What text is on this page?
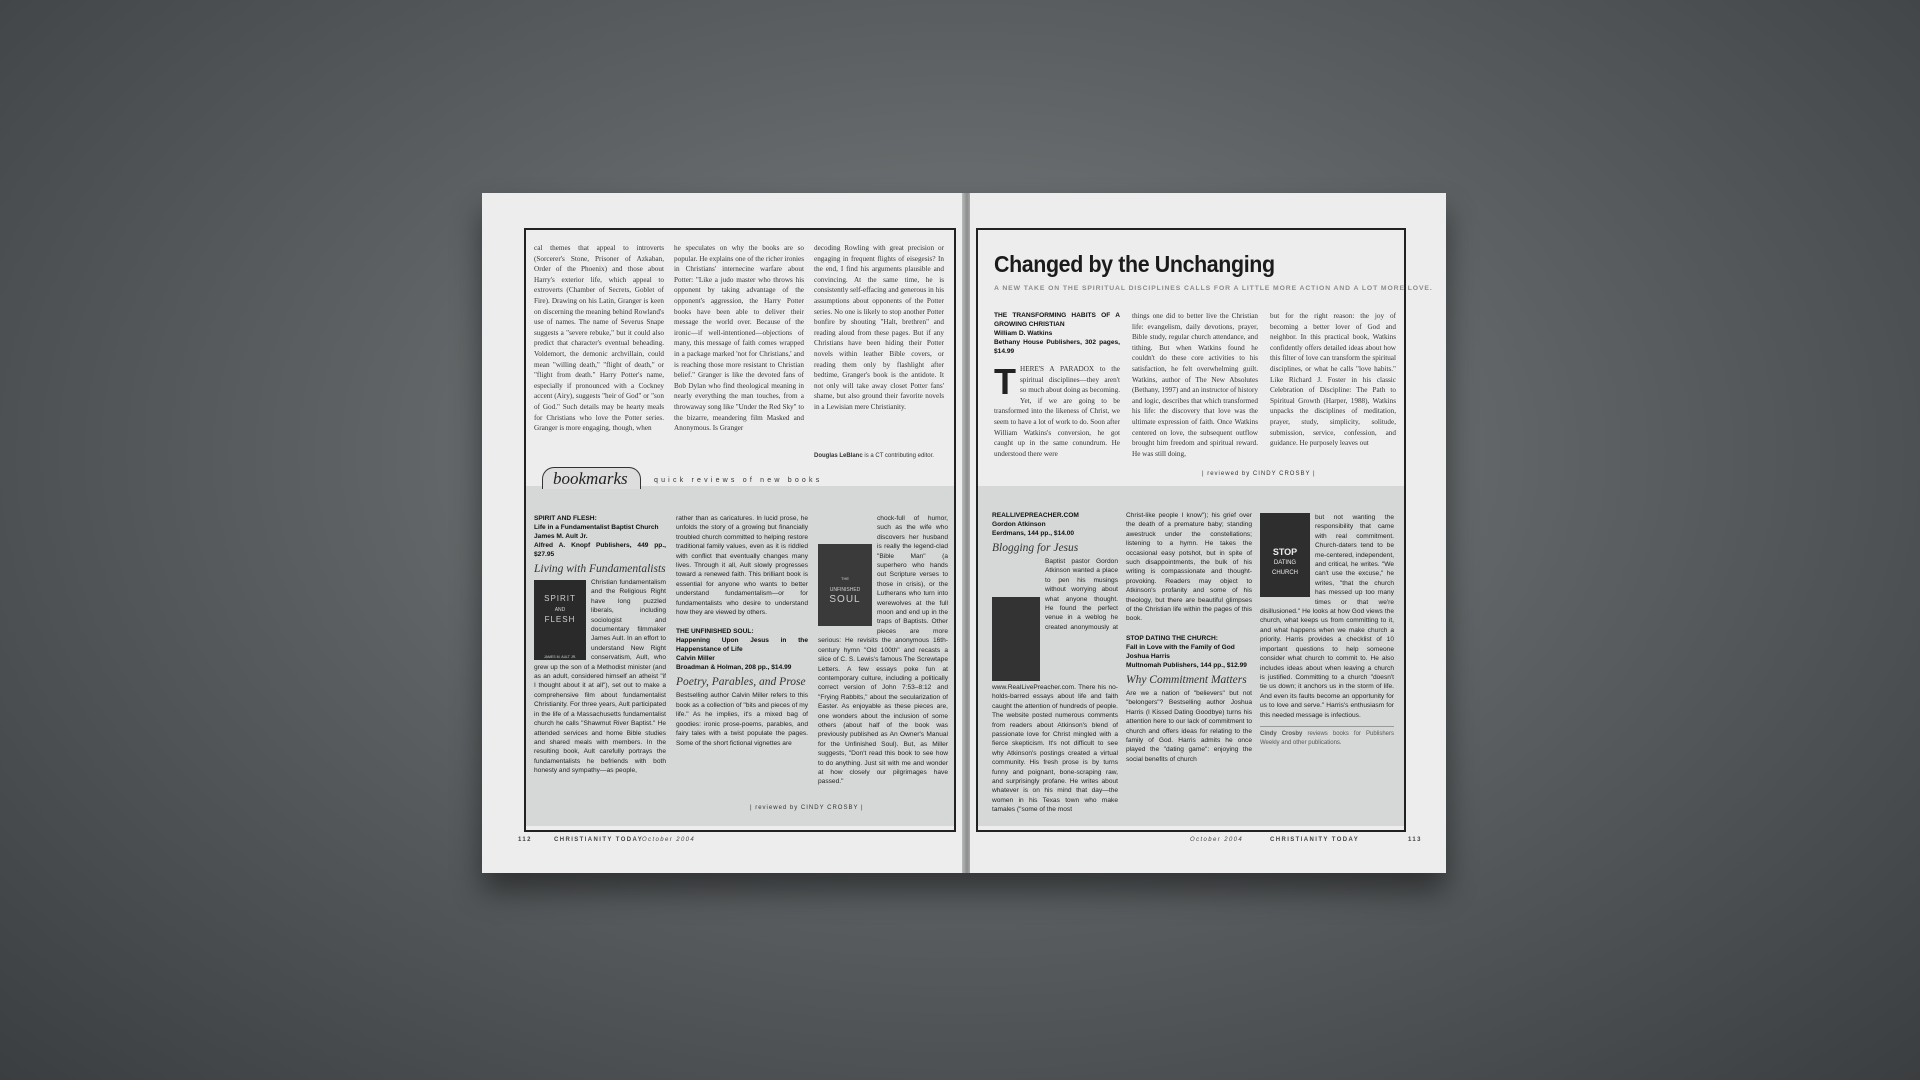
cal themes that appeal to introverts (Sorcerer's Stone, Prisoner of Azkaban, Order of the Phoenix) and those about Harry's exterior life, which appeal to extroverts (Chamber of Secrets, Goblet of Fire). Drawing on his Latin, Granger is keen on discerning the meaning behind Rowland's use of names. The name of Severus Snape suggests a "severe rebuke," but it could also predict that character's eventual beheading. Voldemort, the demonic archvillain, could mean "willing death," "flight of death," or "flight from death." Harry Potter's name, especially if pronounced with a Cockney accent (Airy), suggests "heir of God" or "son of God." Such details may be hearty meals for Christians who love the Potter series. Granger is more engaging, though, when
he speculates on why the books are so popular. He explains one of the richer ironies in Christians' internecine warfare about Potter: "Like a judo master who throws his opponent by taking advantage of the opponent's aggression, the Harry Potter books have been able to deliver their message the world over. Because of the ironic—if well-intentioned—objections of many, this message of faith comes wrapped in a package marked 'not for Christians,' and is reaching those more resistant to Christian belief." Granger is like the devoted fans of Bob Dylan who find theological meaning in nearly everything the man touches, from a throwaway song like "Under the Red Sky" to the bizarre, meandering film Masked and Anonymous. Is Granger
decoding Rowling with great precision or engaging in frequent flights of eisegesis? In the end, I find his arguments plausible and convincing. At the same time, he is consistently self-effacing and generous in his assumptions about opponents of the Potter series. No one is likely to stop another Potter bonfire by shouting "Halt, brethren" and reading aloud from these pages. But if any Christians have been hiding their Potter novels within leather Bible covers, or reading them only by flashlight after bedtime, Granger's book is the antidote. It not only will take away closet Potter fans' shame, but also ground their favorite novels in a Lewisian mere Christianity.
Douglas LeBlanc is a CT contributing editor.
bookmarks	quick reviews of new books
SPIRIT AND FLESH:
Life in a Fundamentalist Baptist Church
James M. Ault Jr.
Alfred A. Knopf Publishers, 449 pp., $27.95
Living with Fundamentalists
SPIRIT
AND
FLESH
JAMES M. AULT JR.
Christian fundamentalism and the Religious Right have long puzzled liberals, including sociologist and documentary filmmaker James Ault. In an effort to understand New Right conservatism, Ault, who grew up the son of a Methodist minister (and as an adult, considered himself an atheist "if I thought about it at all"), set out to make a comprehensive film about fundamentalist Christianity. For three years, Ault participated in the life of a Massachusetts fundamentalist church he calls "Shawmut River Baptist." He attended services and home Bible studies and shared meals with members. In the resulting book, Ault carefully portrays the fundamentalists he befriends with both honesty and sympathy—as people,
rather than as caricatures. In lucid prose, he unfolds the story of a growing but financially troubled church committed to helping restore traditional family values, even as it is riddled with conflict that eventually changes many lives. Through it all, Ault slowly progresses toward a renewed faith. This brilliant book is essential for anyone who wants to better understand fundamentalism—or for fundamentalists who desire to understand how they are viewed by others.
THE UNFINISHED SOUL:
Happening Upon Jesus in the Happenstance of Life
Calvin Miller
Broadman & Holman, 208 pp., $14.99
Poetry, Parables, and Prose
Bestselling author Calvin Miller refers to this book as a collection of "bits and pieces of my life." As he implies, it's a mixed bag of goodies: ironic prose-poems, parables, and fairy tales with a twist populate the pages. Some of the short fictional vignettes are
THE
UNFINISHED
SOUL
chock-full of humor, such as the wife who discovers her husband is really the legend-clad "Bible Man" (a superhero who hands out Scripture verses to those in crisis), or the Lutherans who turn into werewolves at the full moon and end up in the traps of Baptists. Other pieces are more serious: He revisits the anonymous 16th-century hymn "Old 100th" and recasts a slice of C. S. Lewis's famous The Screwtape Letters. A few essays poke fun at contemporary culture, including a politically correct version of John 7:53–8:12 and "Frying Rabbits," about the secularization of Easter. As enjoyable as these pieces are, one wonders about the inclusion of some others (about half of the book was previously published as An Owner's Manual for the Unfinished Soul). But, as Miller suggests, "Don't read this book to see how to do anything. Just sit with me and wonder at how closely our pilgrimages have passed."
| reviewed by CINDY CROSBY |
112	CHRISTIANITY TODAY
October 2004
Changed by the Unchanging
A NEW TAKE ON THE SPIRITUAL DISCIPLINES CALLS FOR A LITTLE MORE ACTION AND A LOT MORE LOVE.
THE TRANSFORMING HABITS OF A GROWING CHRISTIAN
William D. Watkins
Bethany House Publishers, 302 pages, $14.99
T HERE'S A PARADOX to the spiritual disciplines—they aren't so much about doing as becoming. Yet, if we are going to be transformed into the likeness of Christ, we seem to have a lot of work to do. Soon after William Watkins's conversion, he got caught up in the same conundrum. He understood there were
things one did to better live the Christian life: evangelism, daily devotions, prayer, Bible study, regular church attendance, and tithing. But when Watkins found he couldn't do these core activities to his satisfaction, he felt overwhelming guilt. Watkins, author of The New Absolutes (Bethany, 1997) and an instructor of history and logic, describes that which transformed his life: the discovery that love was the ultimate expression of faith. Once Watkins centered on love, the subsequent outflow brought him freedom and spiritual reward. He was still doing,
but for the right reason: the joy of becoming a better lover of God and neighbor. In this practical book, Watkins confidently offers detailed ideas about how this filter of love can transform the spiritual disciplines, or what he calls "love habits." Like Richard J. Foster in his classic Celebration of Discipline: The Path to Spiritual Growth (Harper, 1988), Watkins unpacks the disciplines of meditation, prayer, study, simplicity, solitude, submission, service, confession, and guidance. He purposely leaves out
| reviewed by CINDY CROSBY |
REALLIVEPREACHER.COM
Gordon Atkinson
Eerdmans, 144 pp., $14.00
Blogging for Jesus
Baptist pastor Gordon Atkinson wanted a place to pen his musings without worrying about what anyone thought. He found the perfect venue in a weblog he created anonymously at www.RealLivePreacher.com. There his no-holds-barred essays about life and faith caught the attention of hundreds of people. The website posted numerous comments from readers about Atkinson's blend of passionate love for Christ mingled with a fierce skepticism. It's not difficult to see why Atkinson's postings created a virtual community. His fresh prose is by turns funny and poignant, bone-scraping raw, and surprisingly profane. He writes about whatever is on his mind that day—the women in his Texas town who make tamales ("some of the most
Christ-like people I know"); his grief over the death of a premature baby; standing awestruck under the constellations; listening to a hymn. He takes the occasional easy potshot, but in spite of such disappointments, the bulk of his writing is compassionate and thought-provoking. Readers may object to Atkinson's profanity and some of his theology, but there are beautiful glimpses of the Christian life within the pages of this book.
STOP DATING THE CHURCH:
Fall in Love with the Family of God
Joshua Harris
Multnomah Publishers, 144 pp., $12.99
Why Commitment Matters
Are we a nation of "believers" but not "belongers"? Bestselling author Joshua Harris (I Kissed Dating Goodbye) turns his attention here to our lack of commitment to church and offers ideas for relating to the family of God. Harris admits he once played the "dating game": enjoying the social benefits of church
STOP
DATING
CHURCH
but not wanting the responsibility that came with real commitment. Church-daters tend to be me-centered, independent, and critical, he writes. "We can't use the excuse," he writes, "that the church has messed up too many times or that we're disillusioned." He looks at how God views the church, what keeps us from committing to it, and what happens when we make church a priority. Harris provides a checklist of 10 important questions to help someone consider what church to commit to. He also includes ideas about when leaving a church is justified. Committing to a church "doesn't tie us down; it anchors us in the storm of life. And even its faults become an opportunity for us to love and serve." Harris's enthusiasm for this needed message is infectious.
Cindy Crosby reviews books for Publishers Weekly and other publications.
October 2004	CHRISTIANITY TODAY	113
